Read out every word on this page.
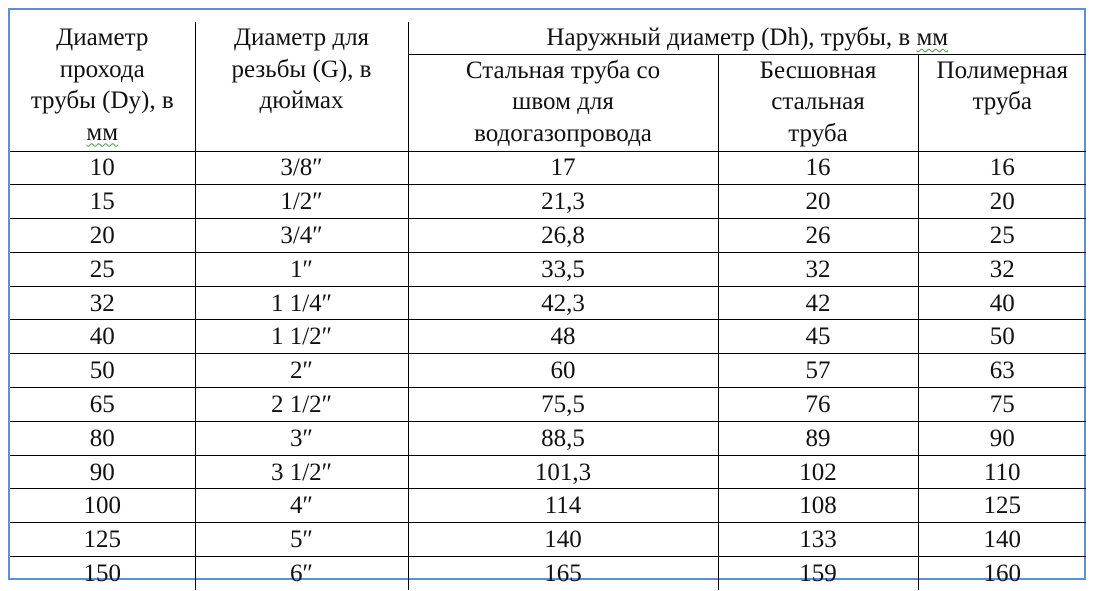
Диаметр
прохода
трубы (Dy), в
мм	Диаметр для
резьбы (G), в
дюймах	Наружный диаметр (Dh), трубы, в мм		
		Стальная труба со
швом для
водогазопровода	Бесшовная
стальная
труба	Полимерная
труба
10	3/8″	17	16	16
15	1/2″	21,3	20	20
20	3/4″	26,8	26	25
25	1″	33,5	32	32
32	1 1/4″	42,3	42	40
40	1 1/2″	48	45	50
50	2″	60	57	63
65	2 1/2″	75,5	76	75
80	3″	88,5	89	90
90	3 1/2″	101,3	102	110
100	4″	114	108	125
125	5″	140	133	140
150	6″	165	159	160
